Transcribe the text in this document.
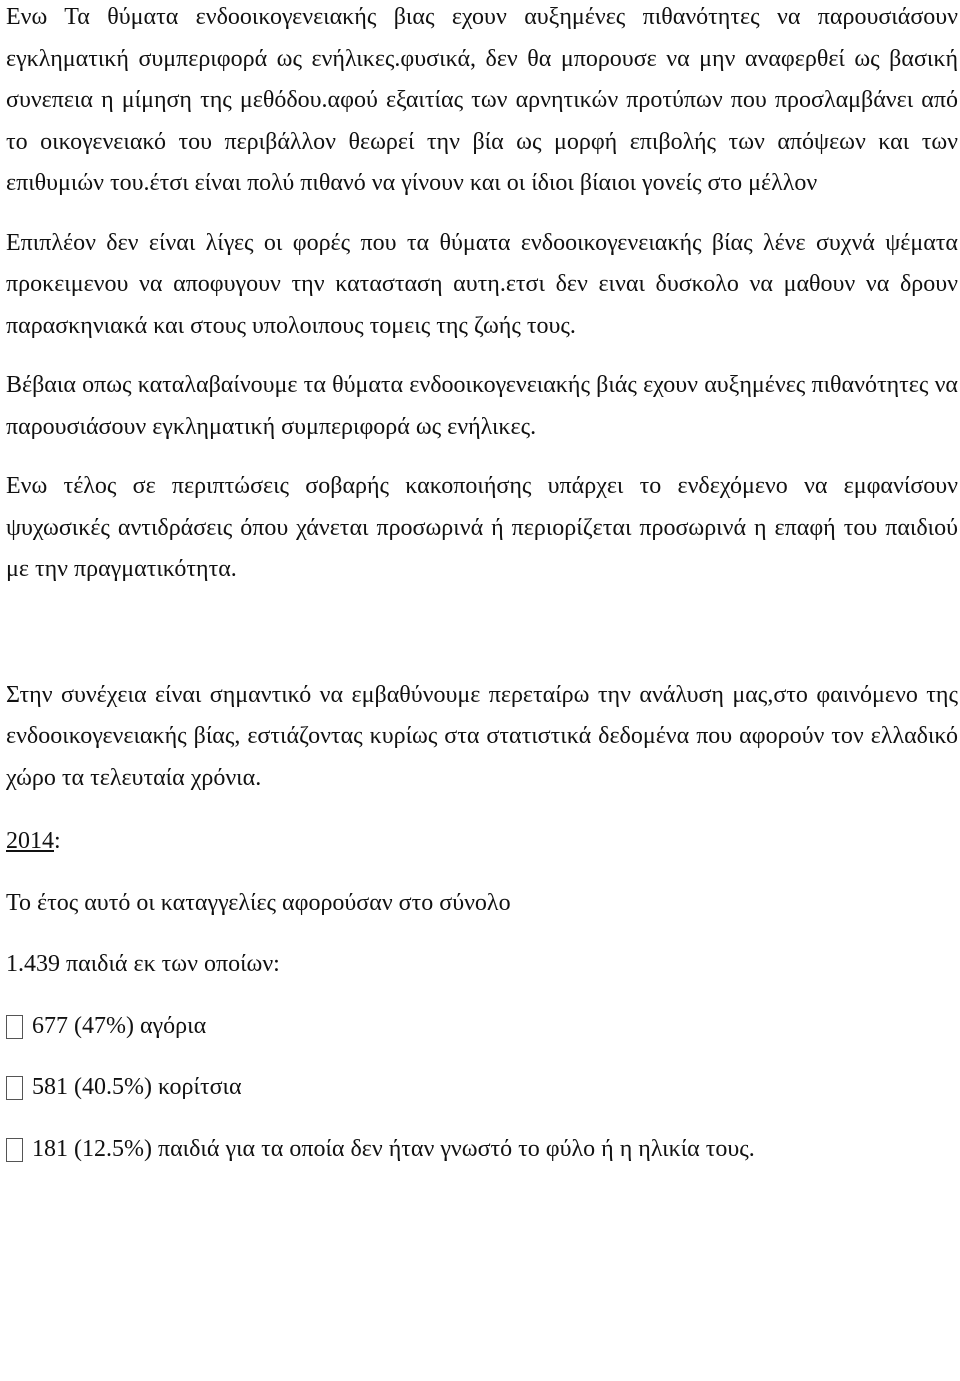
Ενω Τα θύματα ενδοοικογενειακής βιας εχουν αυξημένες πιθανότητες να παρουσιάσουν εγκληματική συμπεριφορά ως ενήλικες.φυσικά, δεν θα μπορουσε να μην αναφερθεί ως βασική συνεπεια η μίμηση της μεθόδου.αφού εξαιτίας των αρνητικών προτύπων που προσλαμβάνει από το οικογενειακό του περιβάλλον θεωρεί την βία ως μορφή επιβολής των απόψεων και των επιθυμιών του.έτσι είναι πολύ πιθανό να γίνουν και οι ίδιοι βίαιοι γονείς στο μέλλον

Επιπλέον δεν είναι λίγες οι φορές που τα θύματα ενδοοικογενειακής βίας λένε συχνά ψέματα προκειμενου να αποφυγουν την κατασταση αυτη.ετσι δεν ειναι δυσκολο να μαθουν να δρουν παρασκηνιακά και στους υπολοιπους τομεις της ζωής τους.

Βέβαια οπως καταλαβαίνουμε τα θύματα ενδοοικογενειακής βιάς εχουν αυξημένες πιθανότητες να παρουσιάσουν εγκληματική συμπεριφορά ως ενήλικες.

Ενω τέλος σε περιπτώσεις σοβαρής κακοποιήσης υπάρχει το ενδεχόμενο να εμφανίσουν ψυχωσικές αντιδράσεις όπου χάνεται προσωρινά ή περιορίζεται προσωρινά η επαφή του παιδιού με την πραγματικότητα.

Στην συνέχεια είναι σημαντικό να εμβαθύνουμε περεταίρω την ανάλυση μας,στο φαινόμενο της ενδοοικογενειακής βίας, εστιάζοντας κυρίως στα στατιστικά δεδομένα που αφορούν τον ελλαδικό χώρο τα τελευταία χρόνια.

2014:

Το έτος αυτό οι καταγγελίες αφορούσαν στο σύνολο

1.439 παιδιά εκ των οποίων:

677 (47%) αγόρια
581 (40.5%) κορίτσια
181 (12.5%) παιδιά για τα οποία δεν ήταν γνωστό το φύλο ή η ηλικία τους.
